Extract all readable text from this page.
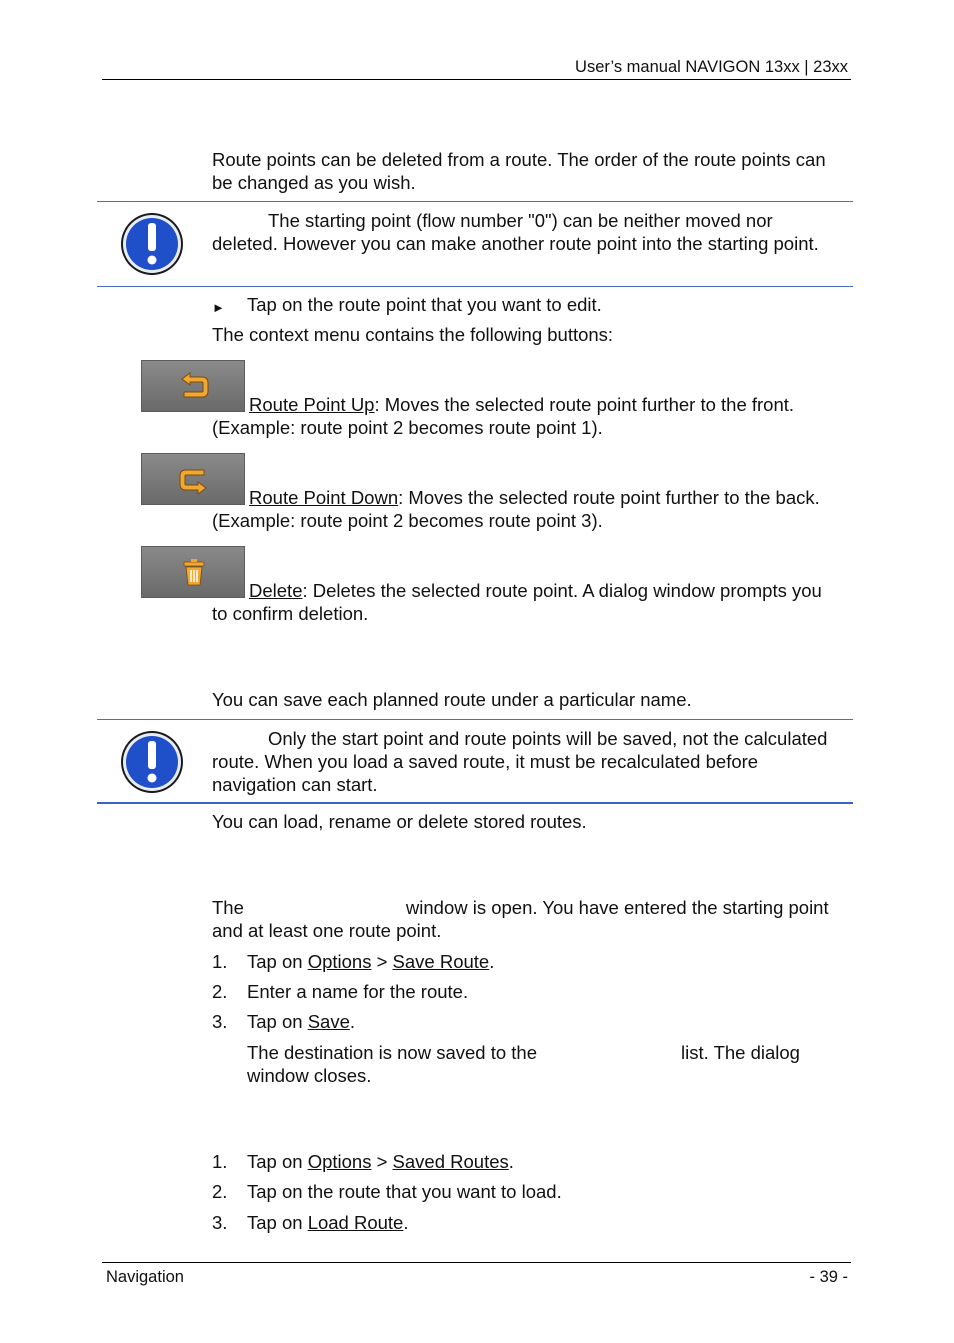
User’s manual NAVIGON 13xx | 23xx
Route points can be deleted from a route. The order of the route points can be changed as you wish.
The starting point (flow number "0") can be neither moved nor deleted. However you can make another route point into the starting point.
► Tap on the route point that you want to edit.
The context menu contains the following buttons:
Route Point Up: Moves the selected route point further to the front. (Example: route point 2 becomes route point 1).
Route Point Down: Moves the selected route point further to the back. (Example: route point 2 becomes route point 3).
Delete: Deletes the selected route point. A dialog window prompts you to confirm deletion.
You can save each planned route under a particular name.
Only the start point and route points will be saved, not the calculated route. When you load a saved route, it must be recalculated before navigation can start.
You can load, rename or delete stored routes.
The	window is open. You have entered the starting point and at least one route point.
1. Tap on Options > Save Route.
2. Enter a name for the route.
3. Tap on Save.
The destination is now saved to the	list. The dialog window closes.
1. Tap on Options > Saved Routes.
2. Tap on the route that you want to load.
3. Tap on Load Route.
Navigation	- 39 -
